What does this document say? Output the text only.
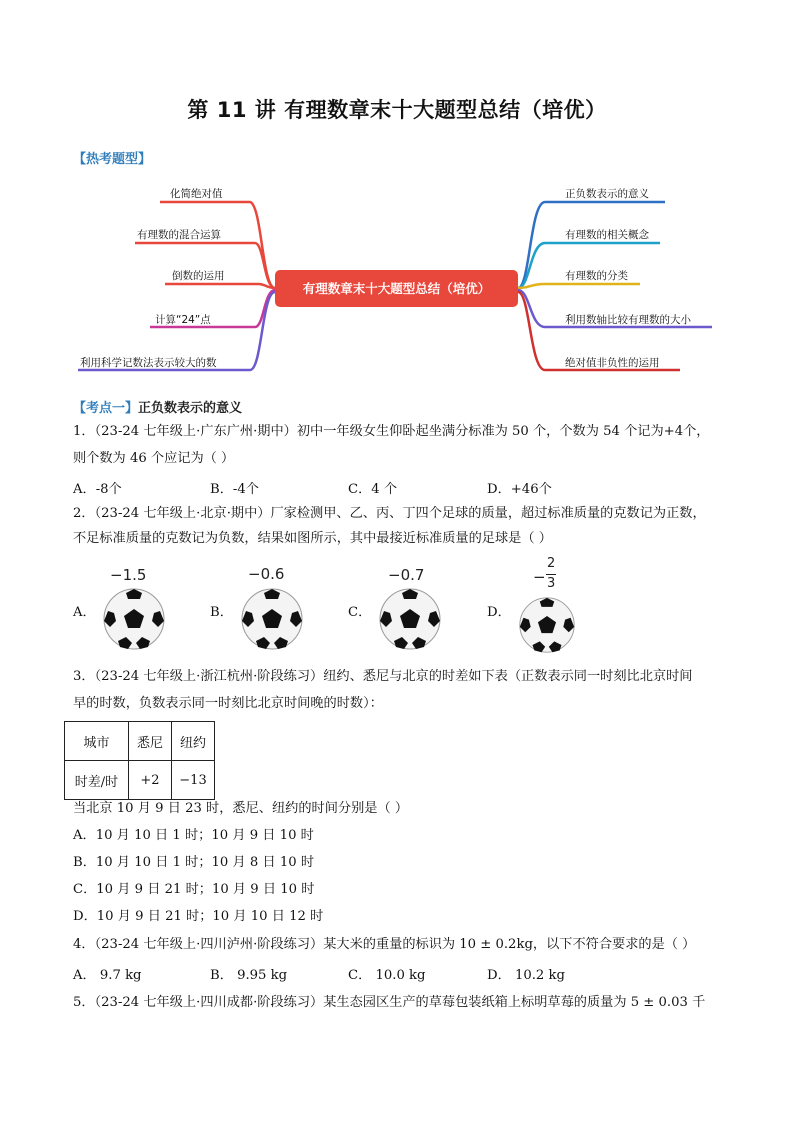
第 11 讲 有理数章末十大题型总结（培优）
【热考题型】
化简绝对值
有理数的混合运算
倒数的运用
计算“24”点
利用科学记数法表示较大的数
有理数章末十大题型总结（培优）
正负数表示的意义
有理数的相关概念
有理数的分类
利用数轴比较有理数的大小
绝对值非负性的运用
【考点一】正负数表示的意义
1．（23-24 七年级上·广东广州·期中）初中一年级女生仰卧起坐满分标准为 50 个，个数为 54 个记为+4个，
则个数为 46 个应记为（ ）
A．-8个	B．-4个	C．4 个	D．+46个
2．（23-24 七年级上·北京·期中）厂家检测甲、乙、丙、丁四个足球的质量，超过标准质量的克数记为正数，
不足标准质量的克数记为负数，结果如图所示，其中最接近标准质量的足球是（ ）
−1.5	−0.6	−0.7	−
2
3
A．	B．	C．	D．
3．（23-24 七年级上·浙江杭州·阶段练习）纽约、悉尼与北京的时差如下表（正数表示同一时刻比北京时间
早的时数，负数表示同一时刻比北京时间晚的时数）：
城市	悉尼	纽约
时差/时	+2	−13
当北京 10 月 9 日 23 时，悉尼、纽约的时间分别是（ ）
A．10 月 10 日 1 时；10 月 9 日 10 时
B．10 月 10 日 1 时；10 月 8 日 10 时
C．10 月 9 日 21 时；10 月 9 日 10 时
D．10 月 9 日 21 时；10 月 10 日 12 时
4．（23-24 七年级上·四川泸州·阶段练习）某大米的重量的标识为 10 ± 0.2kg，以下不符合要求的是（ ）
A． 9.7 kg	B． 9.95 kg	C． 10.0 kg	D． 10.2 kg
5．（23-24 七年级上·四川成都·阶段练习）某生态园区生产的草莓包装纸箱上标明草莓的质量为 5 ± 0.03 千
